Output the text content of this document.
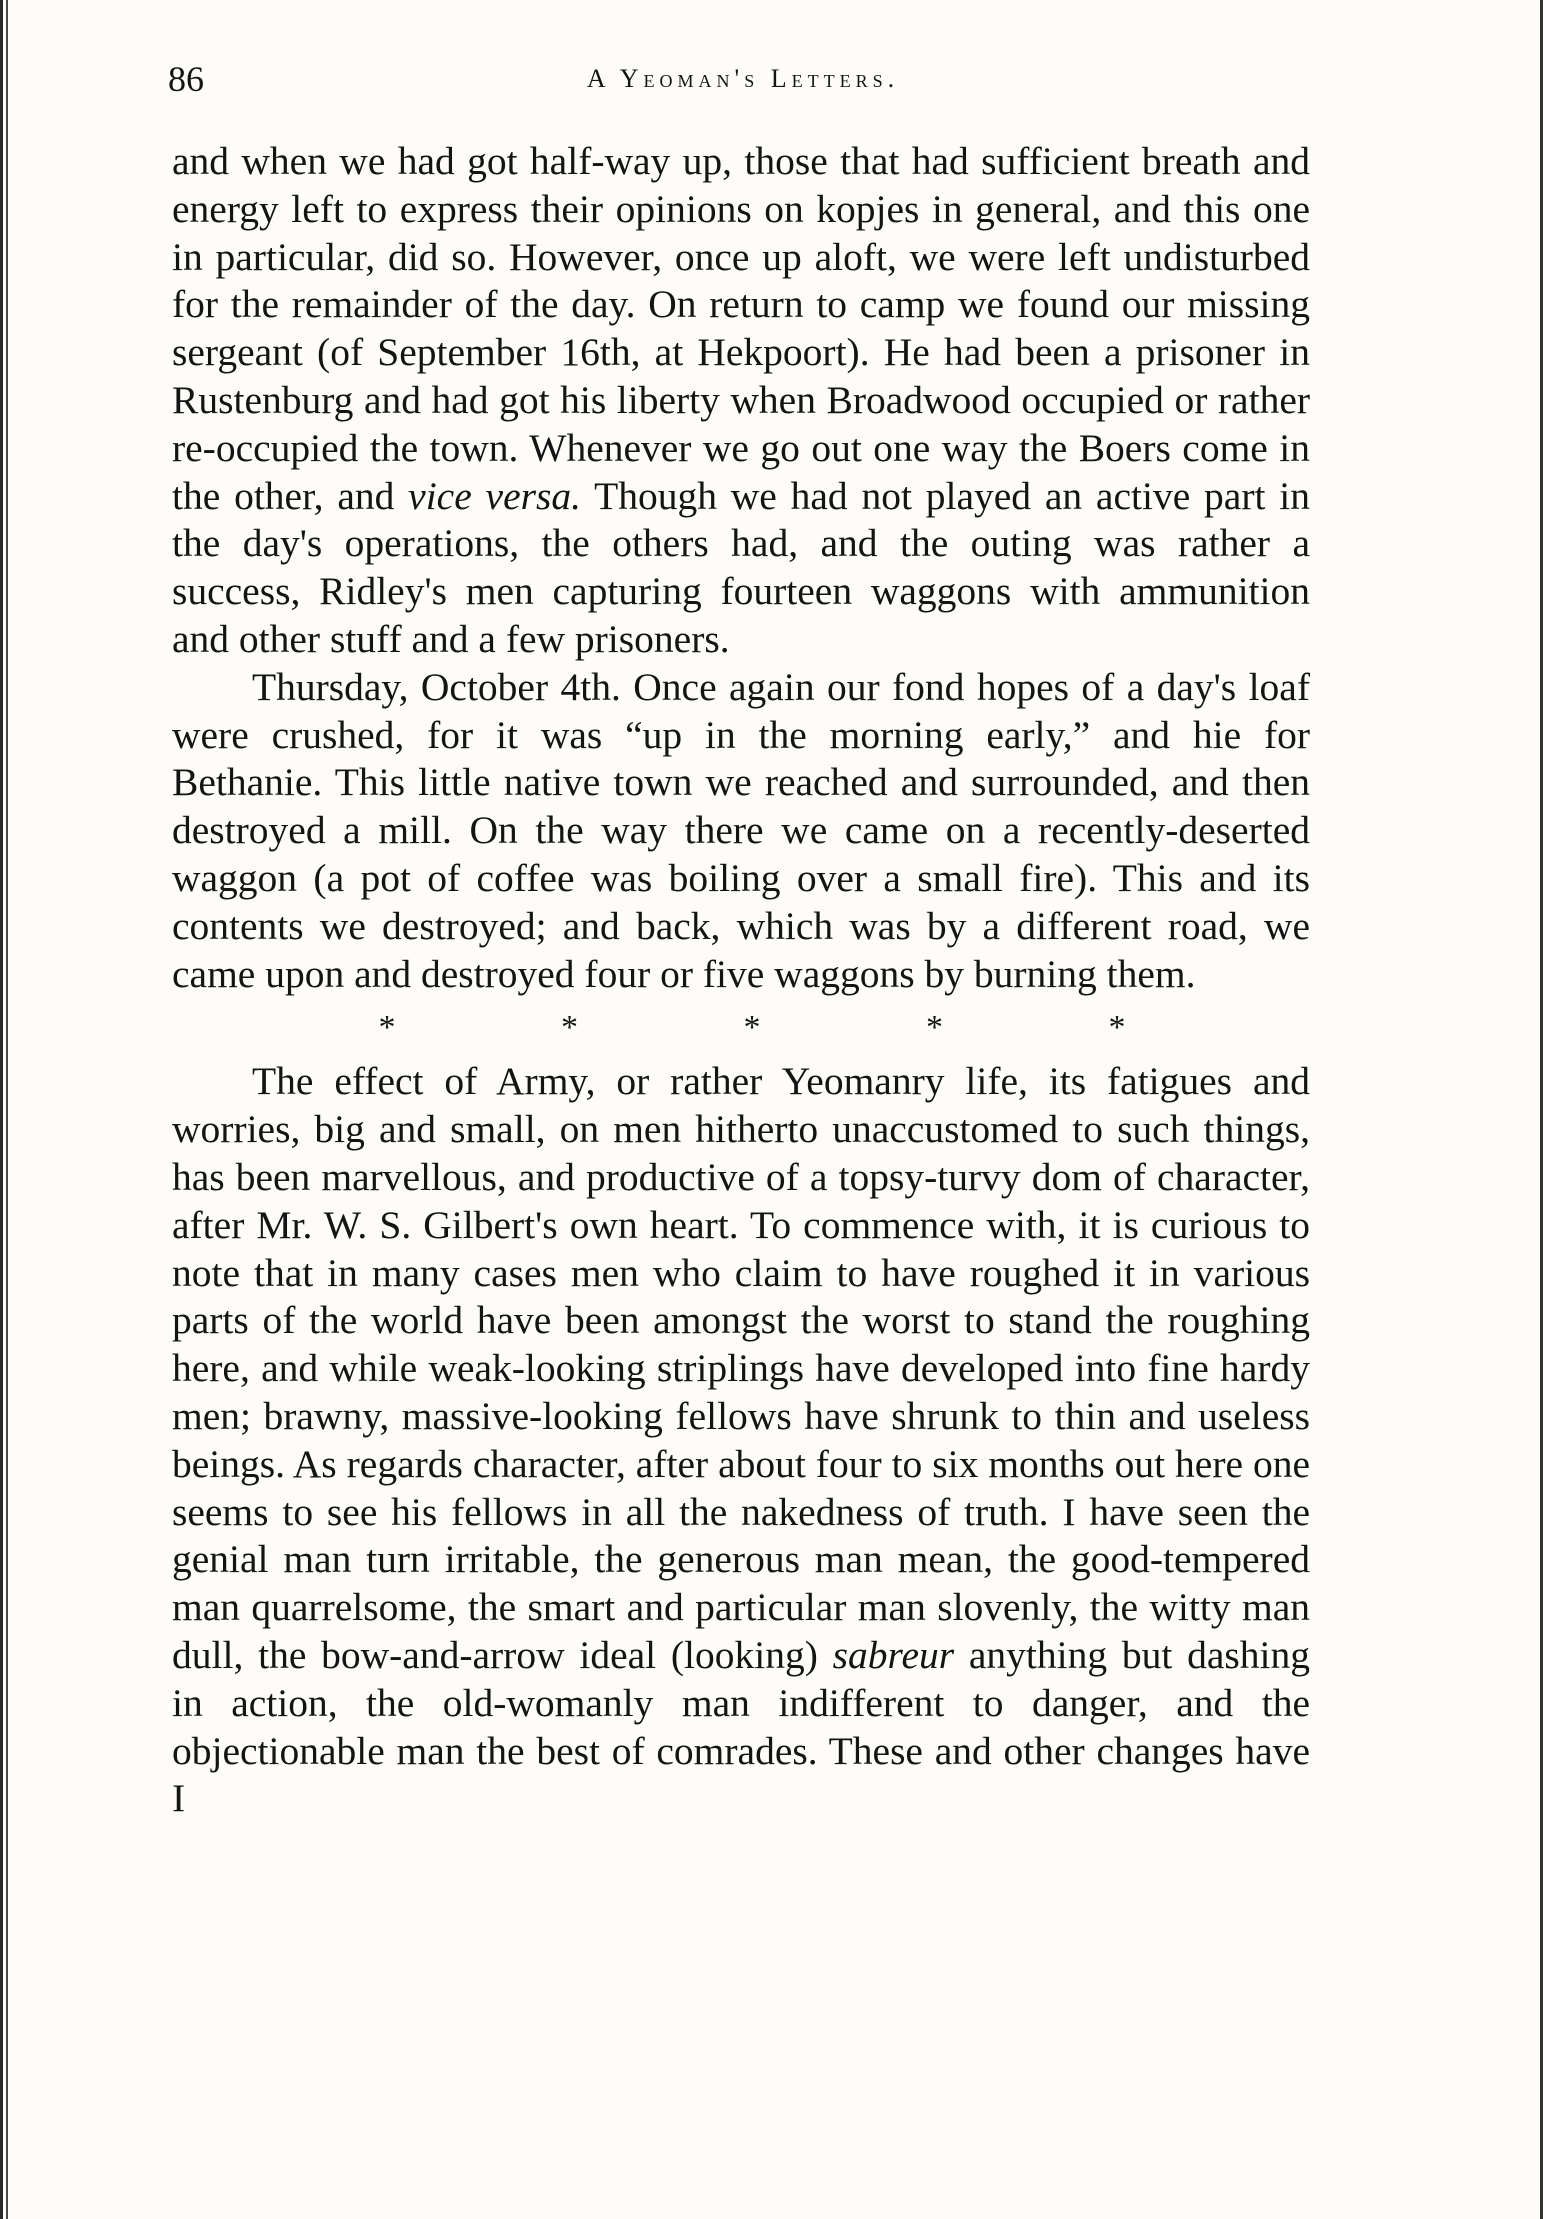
86	A Yeoman's Letters.

and when we had got half-way up, those that had sufficient breath and energy left to express their opinions on kopjes in general, and this one in particular, did so. However, once up aloft, we were left undisturbed for the remainder of the day. On return to camp we found our missing sergeant (of September 16th, at Hekpoort). He had been a prisoner in Rustenburg and had got his liberty when Broadwood occupied or rather re-occupied the town. Whenever we go out one way the Boers come in the other, and vice versa. Though we had not played an active part in the day's operations, the others had, and the outing was rather a success, Ridley's men capturing fourteen waggons with ammunition and other stuff and a few prisoners.

Thursday, October 4th. Once again our fond hopes of a day's loaf were crushed, for it was “up in the morning early,” and hie for Bethanie. This little native town we reached and surrounded, and then destroyed a mill. On the way there we came on a recently-deserted waggon (a pot of coffee was boiling over a small fire). This and its contents we destroyed; and back, which was by a different road, we came upon and destroyed four or five waggons by burning them.

*	*	*	*	*

The effect of Army, or rather Yeomanry life, its fatigues and worries, big and small, on men hitherto unaccustomed to such things, has been marvellous, and productive of a topsy-turvy dom of character, after Mr. W. S. Gilbert's own heart. To commence with, it is curious to note that in many cases men who claim to have roughed it in various parts of the world have been amongst the worst to stand the roughing here, and while weak-looking striplings have developed into fine hardy men; brawny, massive-looking fellows have shrunk to thin and useless beings. As regards character, after about four to six months out here one seems to see his fellows in all the nakedness of truth. I have seen the genial man turn irritable, the generous man mean, the good-tempered man quarrelsome, the smart and particular man slovenly, the witty man dull, the bow-and-arrow ideal (looking) sabreur anything but dashing in action, the old-womanly man indifferent to danger, and the objectionable man the best of comrades. These and other changes have I
